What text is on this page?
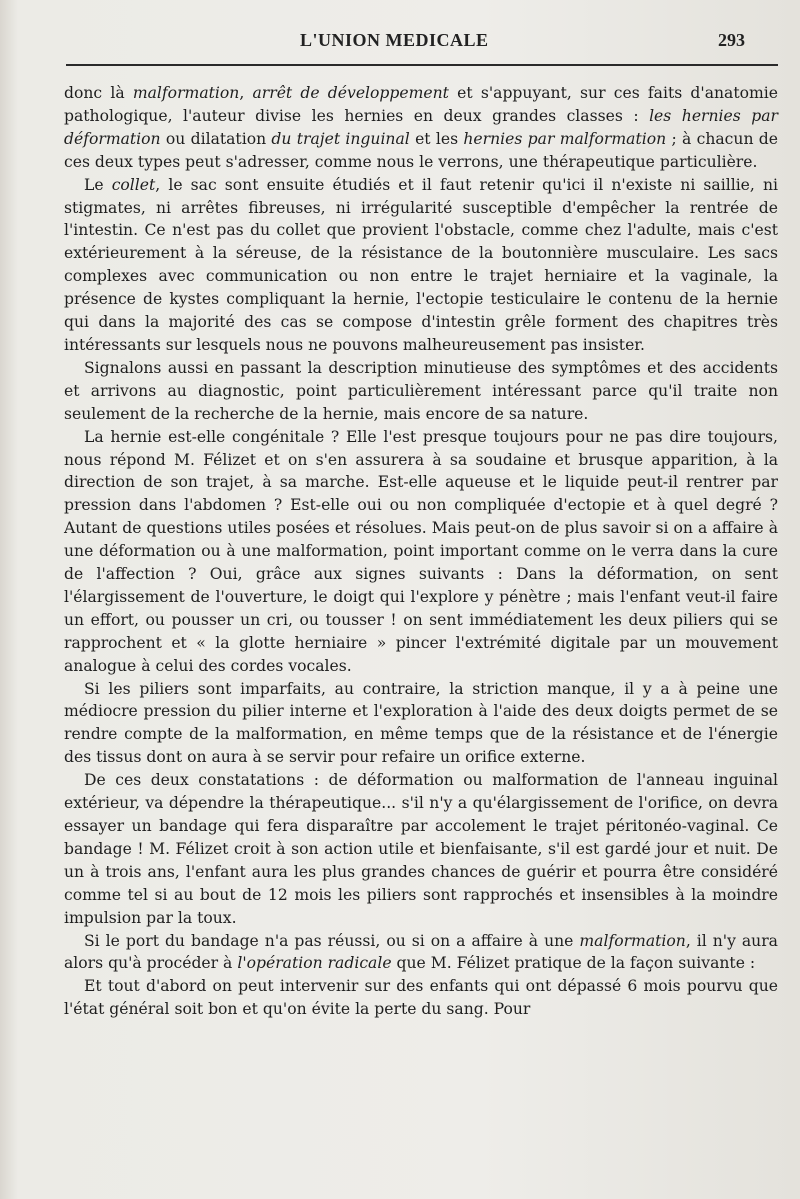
L'UNION MEDICALE	293

donc là malformation, arrêt de développement et s'appuyant, sur ces faits d'anatomie pathologique, l'auteur divise les hernies en deux grandes classes : les hernies par déformation ou dilatation du trajet inguinal et les hernies par malformation ; à chacun de ces deux types peut s'adresser, comme nous le verrons, une thérapeutique particulière.

Le collet, le sac sont ensuite étudiés et il faut retenir qu'ici il n'existe ni saillie, ni stigmates, ni arrêtes fibreuses, ni irrégularité susceptible d'empêcher la rentrée de l'intestin. Ce n'est pas du collet que provient l'obstacle, comme chez l'adulte, mais c'est extérieurement à la séreuse, de la résistance de la boutonnière musculaire. Les sacs complexes avec communication ou non entre le trajet herniaire et la vaginale, la présence de kystes compliquant la hernie, l'ectopie testiculaire le contenu de la hernie qui dans la majorité des cas se compose d'intestin grêle forment des chapitres très intéressants sur lesquels nous ne pouvons malheureusement pas insister.

Signalons aussi en passant la description minutieuse des symptômes et des accidents et arrivons au diagnostic, point particulièrement intéressant parce qu'il traite non seulement de la recherche de la hernie, mais encore de sa nature.

La hernie est-elle congénitale ? Elle l'est presque toujours pour ne pas dire toujours, nous répond M. Félizet et on s'en assurera à sa soudaine et brusque apparition, à la direction de son trajet, à sa marche. Est-elle aqueuse et le liquide peut-il rentrer par pression dans l'abdomen ? Est-elle oui ou non compliquée d'ectopie et à quel degré ? Autant de questions utiles posées et résolues. Mais peut-on de plus savoir si on a affaire à une déformation ou à une malformation, point important comme on le verra dans la cure de l'affection ? Oui, grâce aux signes suivants : Dans la déformation, on sent l'élargissement de l'ouverture, le doigt qui l'explore y pénètre ; mais l'enfant veut-il faire un effort, ou pousser un cri, ou tousser ! on sent immédiatement les deux piliers qui se rapprochent et « la glotte herniaire » pincer l'extrémité digitale par un mouvement analogue à celui des cordes vocales.

Si les piliers sont imparfaits, au contraire, la striction manque, il y a à peine une médiocre pression du pilier interne et l'exploration à l'aide des deux doigts permet de se rendre compte de la malformation, en même temps que de la résistance et de l'énergie des tissus dont on aura à se servir pour refaire un orifice externe.

De ces deux constatations : de déformation ou malformation de l'anneau inguinal extérieur, va dépendre la thérapeutique... s'il n'y a qu'élargissement de l'orifice, on devra essayer un bandage qui fera disparaître par accolement le trajet péritonéo-vaginal. Ce bandage ! M. Félizet croit à son action utile et bienfaisante, s'il est gardé jour et nuit. De un à trois ans, l'enfant aura les plus grandes chances de guérir et pourra être considéré comme tel si au bout de 12 mois les piliers sont rapprochés et insensibles à la moindre impulsion par la toux.

Si le port du bandage n'a pas réussi, ou si on a affaire à une malformation, il n'y aura alors qu'à procéder à l'opération radicale que M. Félizet pratique de la façon suivante :

Et tout d'abord on peut intervenir sur des enfants qui ont dépassé 6 mois pourvu que l'état général soit bon et qu'on évite la perte du sang. Pour
